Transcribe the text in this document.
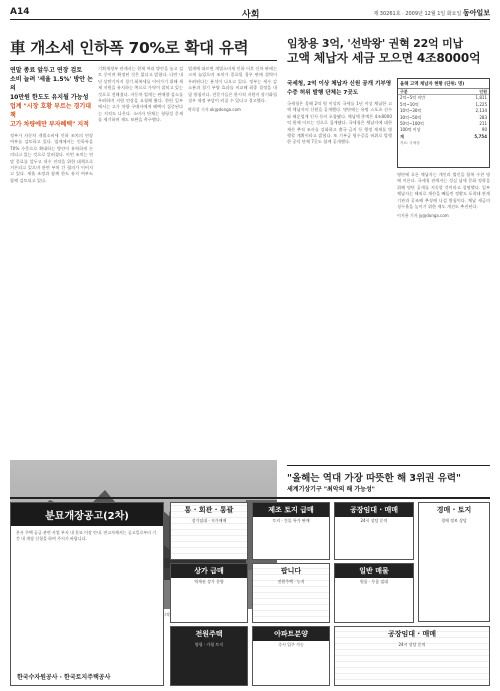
A14	사회	제 30261호 · 2009년 12월 1일 화요일 동아일보
車 개소세 인하폭 70%로 확대 유력
연말 종료 앞두고 연장 검토
소비 늘려 '세율 1.5%' 방안 논의
10만원 한도도 유지될 가능성
업계 "시장 호황 부르는 경기대책
고가 차량에만 부자혜택" 지적
정부가 자동차 개별소비세 인하 조치의 연장 여부를 검토하고 있다. 업계에서는 인하폭을 70% 수준으로 확대하는 방안이 유력하게 논의되고 있는 것으로 알려졌다. 이번 조치는 연말 종료를 앞두고 내수 진작을 위한 대책으로 거론되고 있으며 관련 부처 간 협의가 이어지고 있다. 세율 조정과 함께 한도 유지 여부도 함께 검토되고 있다.
기획재정부 관계자는 현재 여러 방안을 놓고 검토 중이며 확정된 것은 없다고 밝혔다. 다만 내년 상반기까지 경기 회복세를 이어가기 위해 세제 지원을 유지하는 쪽으로 가닥이 잡히고 있는 것으로 전해졌다. 자동차 업계는 판매량 감소를 우려하며 지원 연장을 요청해 왔다. 한편 일부에서는 고가 차량 구매자에게 혜택이 집중된다는 지적도 나온다. 소비자 단체는 형평성 문제를 제기하며 제도 보완을 촉구했다.
업계에 따르면 개별소비세 인하 이후 신차 판매는 크게 늘었으며 조치가 종료될 경우 판매 절벽이 우려된다는 분석이 나오고 있다. 정부는 세수 감소분과 경기 부양 효과를 비교해 최종 결정을 내릴 방침이다. 전문가들은 한시적 지원이 장기화될 경우 재정 부담이 커질 수 있다고 경고했다.
박희창 기자 ok@donga.com
시작된
임창용 3억, '선박왕' 권혁 22억 미납
고액 체납자 세금 모으면 4조8000억
국세청, 2억 이상 체납자 신원 공개 기부영수증 허위 발행 단체는 7곳도
국세청은 올해 2억 원 이상의 국세를 1년 이상 체납한 고액 체납자의 신원을 공개했다. 명단에는 유명 스포츠 선수와 해운업계 인사 등이 포함됐다. 체납액 총액은 4조8000억 원에 이르는 것으로 집계됐다. 국세청은 체납자에 대한 재산 추적 조사를 강화하고 출국 금지 등 행정 제재를 병행할 계획이라고 밝혔다. 또 기부금 영수증을 허위로 발행한 공익 단체 7곳도 함께 공개했다.
올해 고액 체납자 현황 (단위: 명)
구분	인원
2억~5억 미만	1,811
5억~10억	1,225
10억~30억	2,134
30억~50억	283
50억~100억	211
100억 이상	90
계	5,754
자료: 국세청
명단에 오른 체납자는 개인과 법인을 합쳐 수천 명에 이른다. 국세청 관계자는 성실 납세 문화 정착을 위해 명단 공개를 지속할 것이라고 설명했다. 일부 체납자는 해외로 재산을 빼돌린 정황도 포착돼 관계 기관과 공조해 추징에 나설 방침이다. 체납 세금의 징수율을 높이기 위한 제도 개선도 추진된다.
이지용 기자 jy@donga.com
"올해는 역대 가장 따뜻한 해 3위권 유력"
세계기상기구 "최악의 해 가능성"
분묘개장공고(2차)
본사 주택 공급 관련 사업 부지 내 분묘 이장 안내. 연고자께서는 공고일로부터 기간 내 개장 신청을 하여 주시기 바랍니다.
한국수자원공사 · 한국토지주택공사
통 · 회관 · 통괄
장기임대 · 저가매매
제조 토지 급매
토지 · 건물 특가 판매
공장임대 · 매매
24시 상담 문의
경매 · 토지
경매 정보 상담
상가 급매
역세권 상가 분양
팝니다
전원주택 · 농지
일반 매물
원룸 · 투룸 임대
전원주택
양평 · 가평 토지
아파트분양
즉시 입주 가능
공장임대 · 매매
24시 상담 문의
